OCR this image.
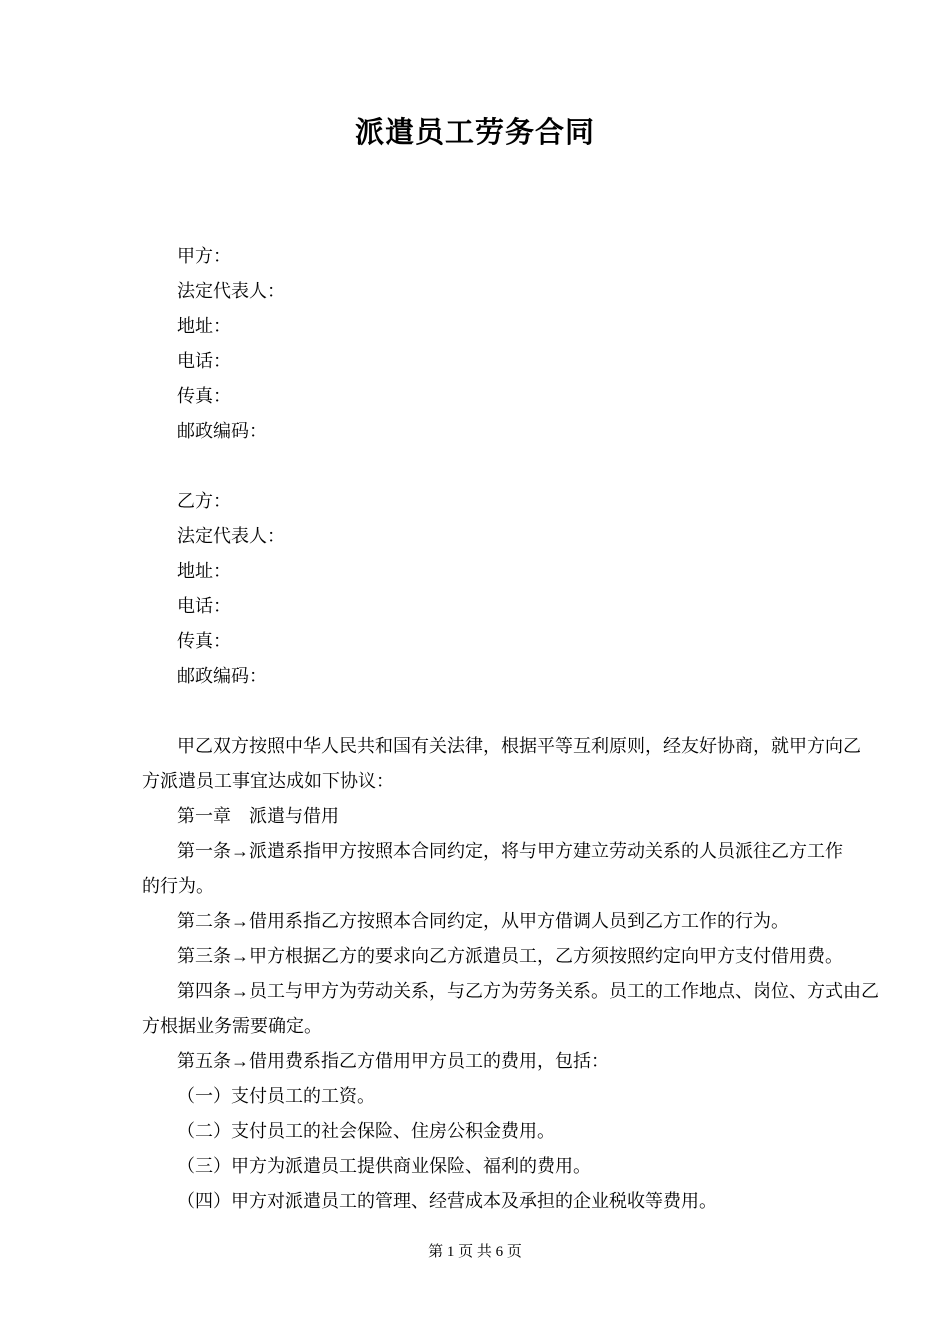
派遣员工劳务合同
甲方：
法定代表人：
地址：
电话：
传真：
邮政编码：
乙方：
法定代表人：
地址：
电话：
传真：
邮政编码：
甲乙双方按照中华人民共和国有关法律，根据平等互利原则，经友好协商，就甲方向乙
方派遣员工事宜达成如下协议：
第一章　派遣与借用
第一条→派遣系指甲方按照本合同约定，将与甲方建立劳动关系的人员派往乙方工作
的行为。
第二条→借用系指乙方按照本合同约定，从甲方借调人员到乙方工作的行为。
第三条→甲方根据乙方的要求向乙方派遣员工，乙方须按照约定向甲方支付借用费。
第四条→员工与甲方为劳动关系，与乙方为劳务关系。员工的工作地点、岗位、方式由乙
方根据业务需要确定。
第五条→借用费系指乙方借用甲方员工的费用，包括：
（一）支付员工的工资。
（二）支付员工的社会保险、住房公积金费用。
（三）甲方为派遣员工提供商业保险、福利的费用。
（四）甲方对派遣员工的管理、经营成本及承担的企业税收等费用。
第 1 页 共 6 页
